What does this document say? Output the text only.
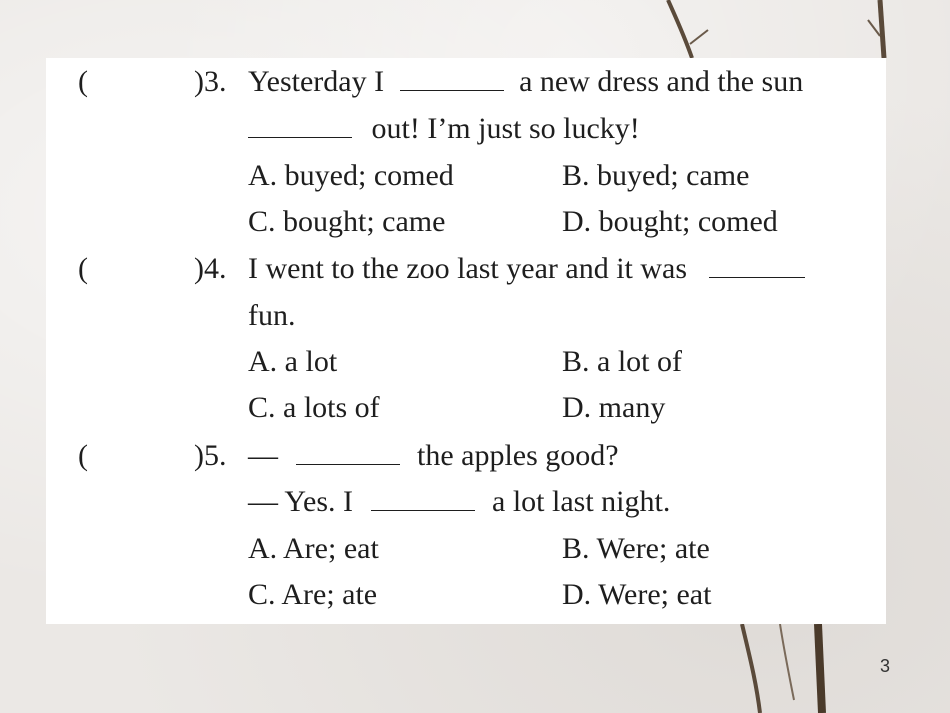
(	)3. Yesterday I	a new dress and the sun
out! I’m just so lucky!
A. buyed; comed	B. buyed; came
C. bought; came	D. bought; comed
(	)4. I went to the zoo last year and it was
fun.
A. a lot	B. a lot of
C. a lots of	D. many
(	)5. —	the apples good?
— Yes. I	a lot last night.
A. Are; eat	B. Were; ate
C. Are; ate	D. Were; eat
3
